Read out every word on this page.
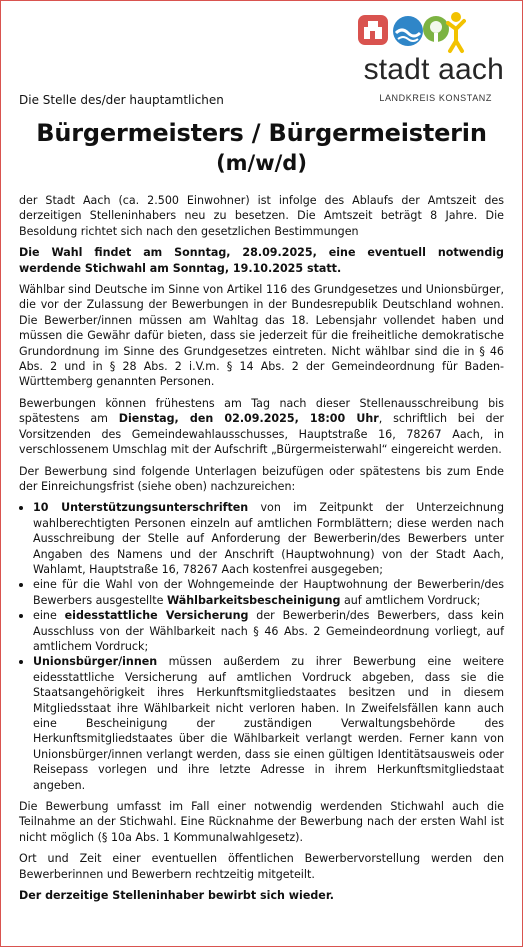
stadt aach
LANDKREIS KONSTANZ
Die Stelle des/der hauptamtlichen
Bürgermeisters / Bürgermeisterin
(m/w/d)

der Stadt Aach (ca. 2.500 Einwohner) ist infolge des Ablaufs der Amtszeit des derzeitigen Stelleninhabers neu zu besetzen. Die Amtszeit beträgt 8 Jahre. Die Besoldung richtet sich nach den gesetzlichen Bestimmungen

Die Wahl findet am Sonntag, 28.09.2025, eine eventuell notwendig werdende Stichwahl am Sonntag, 19.10.2025 statt.

Wählbar sind Deutsche im Sinne von Artikel 116 des Grundgesetzes und Unionsbürger, die vor der Zulassung der Bewerbungen in der Bundesrepublik Deutschland wohnen. Die Bewerber/innen müssen am Wahltag das 18. Lebensjahr vollendet haben und müssen die Gewähr dafür bieten, dass sie jederzeit für die freiheitliche demokratische Grundordnung im Sinne des Grundgesetzes eintreten. Nicht wählbar sind die in § 46 Abs. 2 und in § 28 Abs. 2 i.V.m. § 14 Abs. 2 der Gemeindeordnung für Baden-Württemberg genannten Personen.

Bewerbungen können frühestens am Tag nach dieser Stellenausschreibung bis spätestens am Dienstag, den 02.09.2025, 18:00 Uhr, schriftlich bei der Vorsitzenden des Gemeindewahlausschusses, Hauptstraße 16, 78267 Aach, in verschlossenem Umschlag mit der Aufschrift „Bürgermeisterwahl“ eingereicht werden.

Der Bewerbung sind folgende Unterlagen beizufügen oder spätestens bis zum Ende der Einreichungsfrist (siehe oben) nachzureichen:

• 10 Unterstützungsunterschriften von im Zeitpunkt der Unterzeichnung wahlberechtigten Personen einzeln auf amtlichen Formblättern; diese werden nach Ausschreibung der Stelle auf Anforderung der Bewerberin/des Bewerbers unter Angaben des Namens und der Anschrift (Hauptwohnung) von der Stadt Aach, Wahlamt, Hauptstraße 16, 78267 Aach kostenfrei ausgegeben;
• eine für die Wahl von der Wohngemeinde der Hauptwohnung der Bewerberin/des Bewerbers ausgestellte Wählbarkeitsbescheinigung auf amtlichem Vordruck;
• eine eidesstattliche Versicherung der Bewerberin/des Bewerbers, dass kein Ausschluss von der Wählbarkeit nach § 46 Abs. 2 Gemeindeordnung vorliegt, auf amtlichem Vordruck;
• Unionsbürger/innen müssen außerdem zu ihrer Bewerbung eine weitere eidesstattliche Versicherung auf amtlichen Vordruck abgeben, dass sie die Staatsangehörigkeit ihres Herkunftsmitgliedstaates besitzen und in diesem Mitgliedsstaat ihre Wählbarkeit nicht verloren haben. In Zweifelsfällen kann auch eine Bescheinigung der zuständigen Verwaltungsbehörde des Herkunftsmitgliedstaates über die Wählbarkeit verlangt werden. Ferner kann von Unionsbürger/innen verlangt werden, dass sie einen gültigen Identitätsausweis oder Reisepass vorlegen und ihre letzte Adresse in ihrem Herkunftsmitgliedstaat angeben.

Die Bewerbung umfasst im Fall einer notwendig werdenden Stichwahl auch die Teilnahme an der Stichwahl. Eine Rücknahme der Bewerbung nach der ersten Wahl ist nicht möglich (§ 10a Abs. 1 Kommunalwahlgesetz).

Ort und Zeit einer eventuellen öffentlichen Bewerbervorstellung werden den Bewerberinnen und Bewerbern rechtzeitig mitgeteilt.

Der derzeitige Stelleninhaber bewirbt sich wieder.
